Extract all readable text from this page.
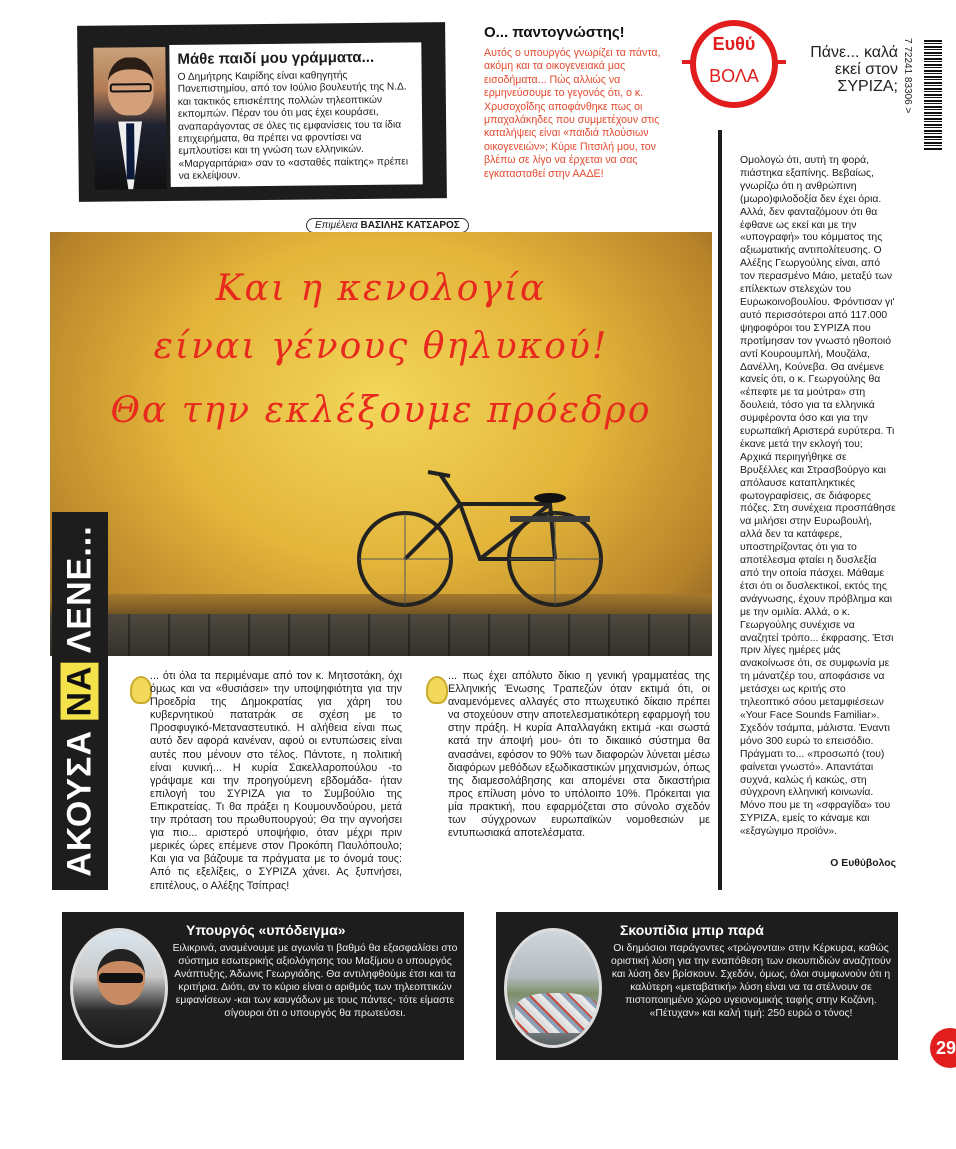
Μάθε παιδί μου γράμματα...
Ο Δημήτρης Καιρίδης είναι καθηγητής Πανεπιστημίου, από τον Ιούλιο βουλευτής της Ν.Δ. και τακτικός επισκέπτης πολλών τηλεοπτικών εκπομπών. Πέραν του ότι μας έχει κουράσει, αναπαράγοντας σε όλες τις εμφανίσεις του τα ίδια επιχειρήματα, θα πρέπει να φροντίσει να εμπλουτίσει και τη γνώση των ελληνικών. «Μαργαριτάρια» σαν το «ασταθές παίκτης» πρέπει να εκλείψουν.
Ο... παντογνώστης!
Αυτός ο υπουργός γνωρίζει τα πάντα, ακόμη και τα οικογενειακά μας εισοδήματα... Πώς αλλιώς να ερμηνεύσουμε το γεγονός ότι, ο κ. Χρυσοχοΐδης αποφάνθηκε πως οι μπαχαλάκηδες που συμμετέχουν στις καταλήψεις είναι «παιδιά πλούσιων οικογενειών»; Κύριε Πιτσιλή μου, τον βλέπω σε λίγο να έρχεται να σας εγκατασταθεί στην ΑΑΔΕ!
Ευθύ
ΒΟΛΑ
Πάνε... καλά εκεί στον ΣΥΡΙΖΑ; 7 72241 83306 >
Ομολογώ ότι, αυτή τη φορά, πιάστηκα εξαπίνης. Βεβαίως, γνωρίζω ότι η ανθρώπινη (μωρο)φιλοδοξία δεν έχει όρια. Αλλά, δεν φανταζόμουν ότι θα έφθανε ως εκεί και με την «υπογραφή» του κόμματος της αξιωματικής αντιπολίτευσης. Ο Αλέξης Γεωργούλης είναι, από τον περασμένο Μάιο, μεταξύ των επίλεκτων στελεχών του Ευρωκοινοβουλίου. Φρόντισαν γι' αυτό περισσότεροι από 117.000 ψηφοφόροι του ΣΥΡΙΖΑ που προτίμησαν τον γνωστό ηθοποιό αντί Κουρουμπλή, Μουζάλα, Δανέλλη, Κούνεβα. Θα ανέμενε κανείς ότι, ο κ. Γεωργούλης θα «έπεφτε με τα μούτρα» στη δουλειά, τόσο για τα ελληνικά συμφέροντα όσο και για την ευρωπαϊκή Αριστερά ευρύτερα. Τι έκανε μετά την εκλογή του; Αρχικά περιηγήθηκε σε Βρυξέλλες και Στρασβούργο και απόλαυσε καταπληκτικές φωτογραφίσεις, σε διάφορες πόζες. Στη συνέχεια προσπάθησε να μιλήσει στην Ευρωβουλή, αλλά δεν τα κατάφερε, υποστηρίζοντας ότι για το αποτέλεσμα φταίει η δυσλεξία από την οποία πάσχει. Μάθαμε έτσι ότι οι δυσλεκτικοί, εκτός της ανάγνωσης, έχουν πρόβλημα και με την ομιλία. Αλλά, ο κ. Γεωργούλης συνέχισε να αναζητεί τρόπο... έκφρασης. Έτσι πριν λίγες ημέρες μάς ανακοίνωσε ότι, σε συμφωνία με τη μάνατζέρ του, αποφάσισε να μετάσχει ως κριτής στο τηλεοπτικό σόου μεταμφιέσεων «Your Face Sounds Familiar». Σχεδόν τσάμπα, μάλιστα. Έναντι μόνο 300 ευρώ το επεισόδιο. Πράγματι το... «προσωπό (του) φαίνεται γνωστό». Απαντάται συχνά, καλώς ή κακώς, στη σύγχρονη ελληνική κοινωνία. Μόνο που με τη «σφραγίδα» του ΣΥΡΙΖΑ, εμείς το κάναμε και «εξαγώγιμο προϊόν».
Ο Ευθύβολος
Επιμέλεια ΒΑΣΙΛΗΣ ΚΑΤΣΑΡΟΣ
Και η κενολογία
είναι γένους θηλυκού!
Θα την εκλέξουμε πρόεδρο
ΑΚΟΥΣΑ ΝΑ ΛΕΝΕ...
... ότι όλα τα περιμέναμε από τον κ. Μητσοτάκη, όχι όμως και να «θυσιάσει» την υποψηφιότητα για την Προεδρία της Δημοκρατίας για χάρη του κυβερνητικού πατατράκ σε σχέση με το Προσφυγικό-Μεταναστευτικό. Η αλήθεια είναι πως αυτό δεν αφορά κανέναν, αφού οι εντυπώσεις είναι αυτές που μένουν στο τέλος. Πάντοτε, η πολιτική είναι κυνική... Η κυρία Σακελλαροπούλου -το γράψαμε και την προηγούμενη εβδομάδα- ήταν επιλογή του ΣΥΡΙΖΑ για το Συμβούλιο της Επικρατείας. Τι θα πράξει η Κουμουνδούρου, μετά την πρόταση του πρωθυπουργού; Θα την αγνοήσει για πιο... αριστερό υποψήφιο, όταν μέχρι πριν μερικές ώρες επέμενε στον Προκόπη Παυλόπουλο; Και για να βάζουμε τα πράγματα με το όνομά τους: Από τις εξελίξεις, ο ΣΥΡΙΖΑ χάνει. Ας ξυπνήσει, επιτέλους, ο Αλέξης Τσίπρας!
... πως έχει απόλυτο δίκιο η γενική γραμματέας της Ελληνικής Ένωσης Τραπεζών όταν εκτιμά ότι, οι αναμενόμενες αλλαγές στο πτωχευτικό δίκαιο πρέπει να στοχεύουν στην αποτελεσματικότερη εφαρμογή του στην πράξη. Η κυρία Απαλλαγάκη εκτιμά -και σωστά κατά την άποψή μου- ότι το δικαιικό σύστημα θα ανασάνει, εφόσον το 90% των διαφορών λύνεται μέσω διαφόρων μεθόδων εξωδικαστικών μηχανισμών, όπως της διαμεσολάβησης και απομένει στα δικαστήρια προς επίλυση μόνο το υπόλοιπο 10%. Πρόκειται για μία πρακτική, που εφαρμόζεται στο σύνολο σχεδόν των σύγχρονων ευρωπαϊκών νομοθεσιών με εντυπωσιακά αποτελέσματα.
Υπουργός «υπόδειγμα»
Ειλικρινά, αναμένουμε με αγωνία τι βαθμό θα εξασφαλίσει στο σύστημα εσωτερικής αξιολόγησης του Μαξίμου ο υπουργός Ανάπτυξης, Άδωνις Γεωργιάδης. Θα αντιληφθούμε έτσι και τα κριτήρια. Διότι, αν το κύριο είναι ο αριθμός των τηλεοπτικών εμφανίσεων -και των καυγάδων με τους πάντες- τότε είμαστε σίγουροι ότι ο υπουργός θα πρωτεύσει.
Σκουπίδια μπιρ παρά
Οι δημόσιοι παράγοντες «τρώγονται» στην Κέρκυρα, καθώς οριστική λύση για την εναπόθεση των σκουπιδιών αναζητούν και λύση δεν βρίσκουν. Σχεδόν, όμως, όλοι συμφωνούν ότι η καλύτερη «μεταβατική» λύση είναι να τα στέλνουν σε πιστοποιημένο χώρο υγειονομικής ταφής στην Κοζάνη. «Πέτυχαν» και καλή τιμή: 250 ευρώ ο τόνος!
29
